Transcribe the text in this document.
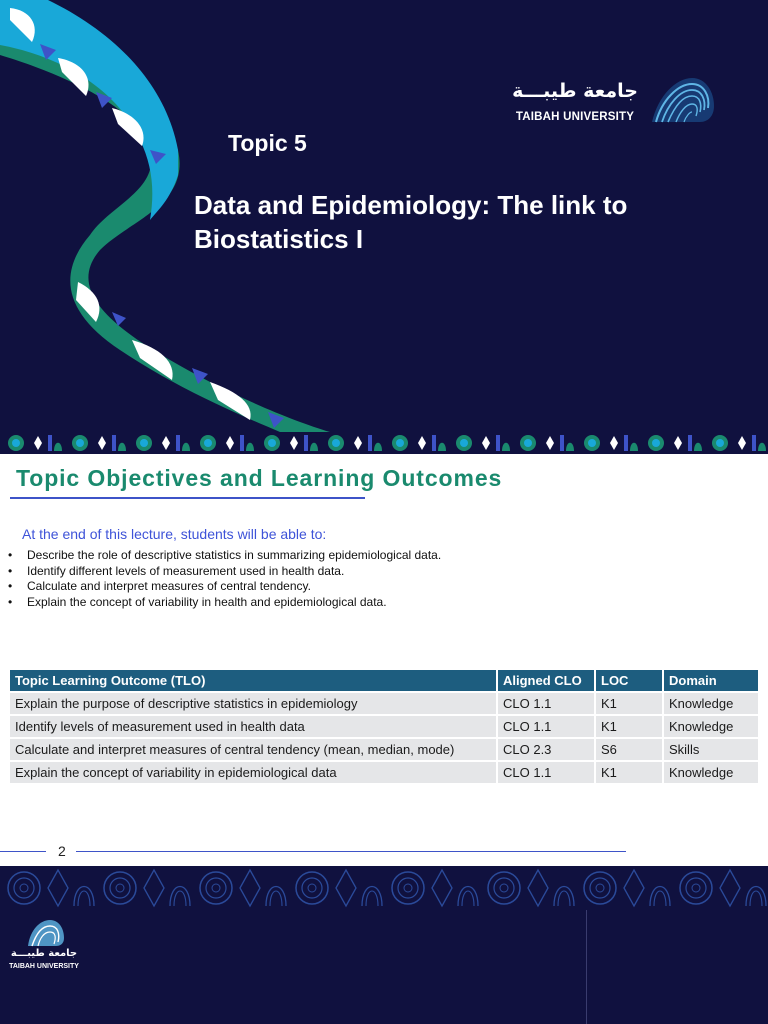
Topic 5
Data and Epidemiology: The link to
Biostatistics I
جامعة طيبـــة
TAIBAH UNIVERSITY
Topic Objectives and Learning Outcomes

At the end of this lecture, students will be able to:

• Describe the role of descriptive statistics in summarizing epidemiological data.
• Identify different levels of measurement used in health data.
• Calculate and interpret measures of central tendency.
• Explain the concept of variability in health and epidemiological data.
Topic Learning Outcome (TLO)	Aligned CLO	LOC	Domain
Explain the purpose of descriptive statistics in epidemiology	CLO 1.1	K1	Knowledge
Identify levels of measurement used in health data	CLO 1.1	K1	Knowledge
Calculate and interpret measures of central tendency (mean, median, mode)	CLO 2.3	S6	Skills
Explain the concept of variability in epidemiological data	CLO 1.1	K1	Knowledge
2
جامعة طيبـــة
TAIBAH UNIVERSITY
